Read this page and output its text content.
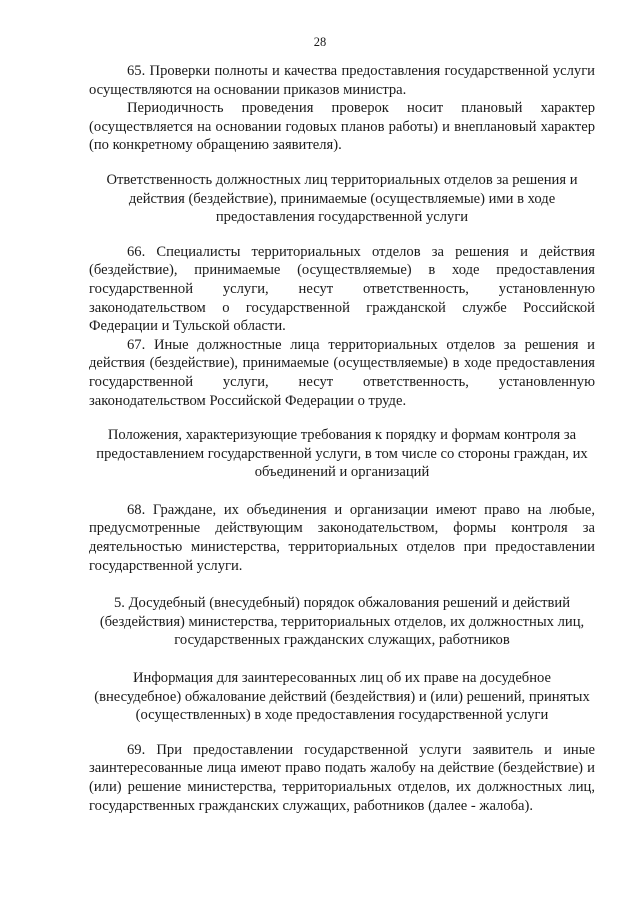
28

65. Проверки полноты и качества предоставления государственной услуги осуществляются на основании приказов министра.

Периодичность проведения проверок носит плановый характер (осуществляется на основании годовых планов работы) и внеплановый характер (по конкретному обращению заявителя).

Ответственность должностных лиц территориальных отделов за решения и действия (бездействие), принимаемые (осуществляемые) ими в ходе предоставления государственной услуги

66. Специалисты территориальных отделов за решения и действия (бездействие), принимаемые (осуществляемые) в ходе предоставления государственной услуги, несут ответственность, установленную законодательством о государственной гражданской службе Российской Федерации и Тульской области.

67. Иные должностные лица территориальных отделов за решения и действия (бездействие), принимаемые (осуществляемые) в ходе предоставления государственной услуги, несут ответственность, установленную законодательством Российской Федерации о труде.

Положения, характеризующие требования к порядку и формам контроля за предоставлением государственной услуги, в том числе со стороны граждан, их объединений и организаций

68. Граждане, их объединения и организации имеют право на любые, предусмотренные действующим законодательством, формы контроля за деятельностью министерства, территориальных отделов при предоставлении государственной услуги.

5. Досудебный (внесудебный) порядок обжалования решений и действий (бездействия) министерства, территориальных отделов, их должностных лиц, государственных гражданских служащих, работников

Информация для заинтересованных лиц об их праве на досудебное (внесудебное) обжалование действий (бездействия) и (или) решений, принятых (осуществленных) в ходе предоставления государственной услуги

69. При предоставлении государственной услуги заявитель и иные заинтересованные лица имеют право подать жалобу на действие (бездействие) и (или) решение министерства, территориальных отделов, их должностных лиц, государственных гражданских служащих, работников (далее - жалоба).
